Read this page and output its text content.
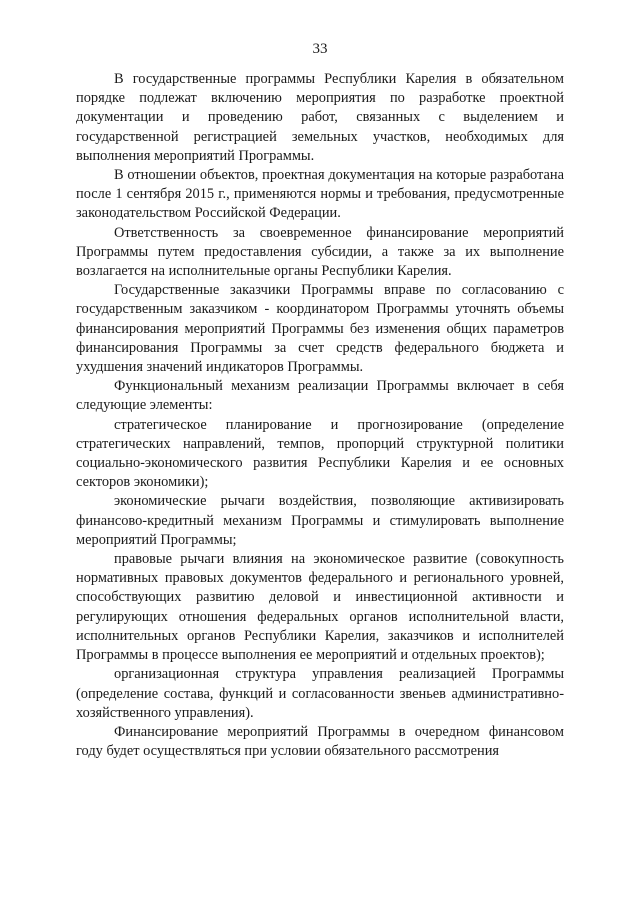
33

В государственные программы Республики Карелия в обязательном порядке подлежат включению мероприятия по разработке проектной документации и проведению работ, связанных с выделением и государственной регистрацией земельных участков, необходимых для выполнения мероприятий Программы.

В отношении объектов, проектная документация на которые разработана после 1 сентября 2015 г., применяются нормы и требования, предусмотренные законодательством Российской Федерации.

Ответственность за своевременное финансирование мероприятий Программы путем предоставления субсидии, а также за их выполнение возлагается на исполнительные органы Республики Карелия.

Государственные заказчики Программы вправе по согласованию с государственным заказчиком - координатором Программы уточнять объемы финансирования мероприятий Программы без изменения общих параметров финансирования Программы за счет средств федерального бюджета и ухудшения значений индикаторов Программы.

Функциональный механизм реализации Программы включает в себя следующие элементы:

стратегическое планирование и прогнозирование (определение стратегических направлений, темпов, пропорций структурной политики социально-экономического развития Республики Карелия и ее основных секторов экономики);

экономические рычаги воздействия, позволяющие активизировать финансово-кредитный механизм Программы и стимулировать выполнение мероприятий Программы;

правовые рычаги влияния на экономическое развитие (совокупность нормативных правовых документов федерального и регионального уровней, способствующих развитию деловой и инвестиционной активности и регулирующих отношения федеральных органов исполнительной власти, исполнительных органов Республики Карелия, заказчиков и исполнителей Программы в процессе выполнения ее мероприятий и отдельных проектов);

организационная структура управления реализацией Программы (определение состава, функций и согласованности звеньев административно-хозяйственного управления).

Финансирование мероприятий Программы в очередном финансовом году будет осуществляться при условии обязательного рассмотрения
